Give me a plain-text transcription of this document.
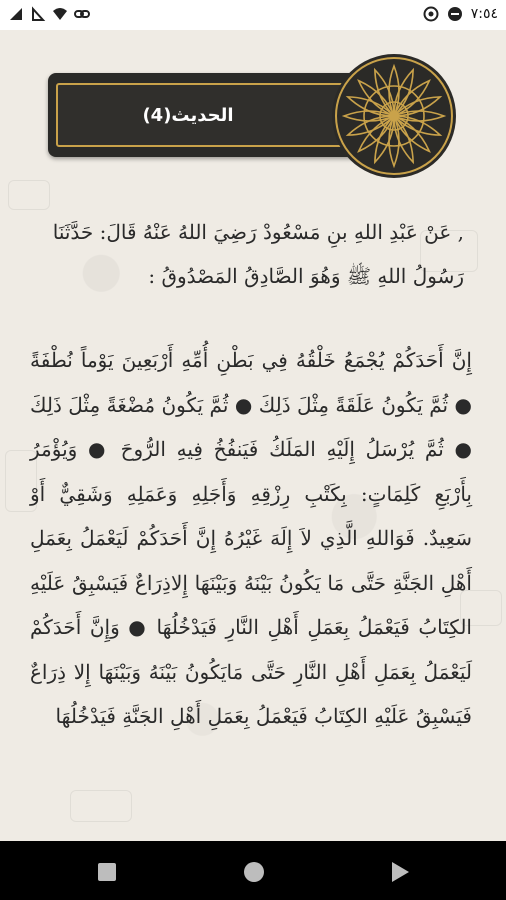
٧:٥٤
الحديث(4)
, عَنْ عَبْدِ اللهِ بنِ مَسْعُودْ رَضِيَ اللهُ عَنْهُ قَالَ: حَدَّثَنَا رَسُولُ اللهِ ﷺ وَهُوَ الصَّادِقُ المَصْدُوقُ :
إِنَّ أَحَدَكُمْ يُجْمَعُ خَلْقُهُ فِي بَطْنِ أُمِّهِ أَرْبَعِينَ يَوْماً نُطْفَةً ● ثُمَّ يَكُونُ عَلَقَةً مِثْلَ ذَلِكَ ● ثُمَّ يَكُونُ مُضْغَةً مِثْلَ ذَلِكَ ● ثُمَّ يُرْسَلُ إِلَيْهِ المَلَكُ فَيَنفُخُ فِيهِ الرُّوحَ ● وَيُؤْمَرُ بِأَرْبَعِ كَلِمَاتٍ: بِكَتْبِ رِزْقِهِ وَأَجَلِهِ وَعَمَلِهِ وَشَقِيٌّ أَوْ سَعِيدٌ. فَوَاللهِ الَّذِي لاَ إِلَهَ غَيْرُهُ إِنَّ أَحَدَكُمْ لَيَعْمَلُ بِعَمَلِ أَهْلِ الجَنَّةِ حَتَّى مَا يَكُونُ بَيْنَهُ وَبَيْنَهَا إِلاذِرَاعٌ فَيَسْبِقُ عَلَيْهِ الكِتَابُ فَيَعْمَلُ بِعَمَلِ أَهْلِ النَّارِ فَيَدْخُلُهَا ● وَإِنَّ أَحَدَكُمْ لَيَعْمَلُ بِعَمَلِ أَهْلِ النَّارِ حَتَّى مَايَكُونُ بَيْنَهُ وَبَيْنَهَا إِلا ذِرَاعٌ فَيَسْبِقُ عَلَيْهِ الكِتَابُ فَيَعْمَلُ بِعَمَلِ أَهْلِ الجَنَّةِ فَيَدْخُلُهَا
